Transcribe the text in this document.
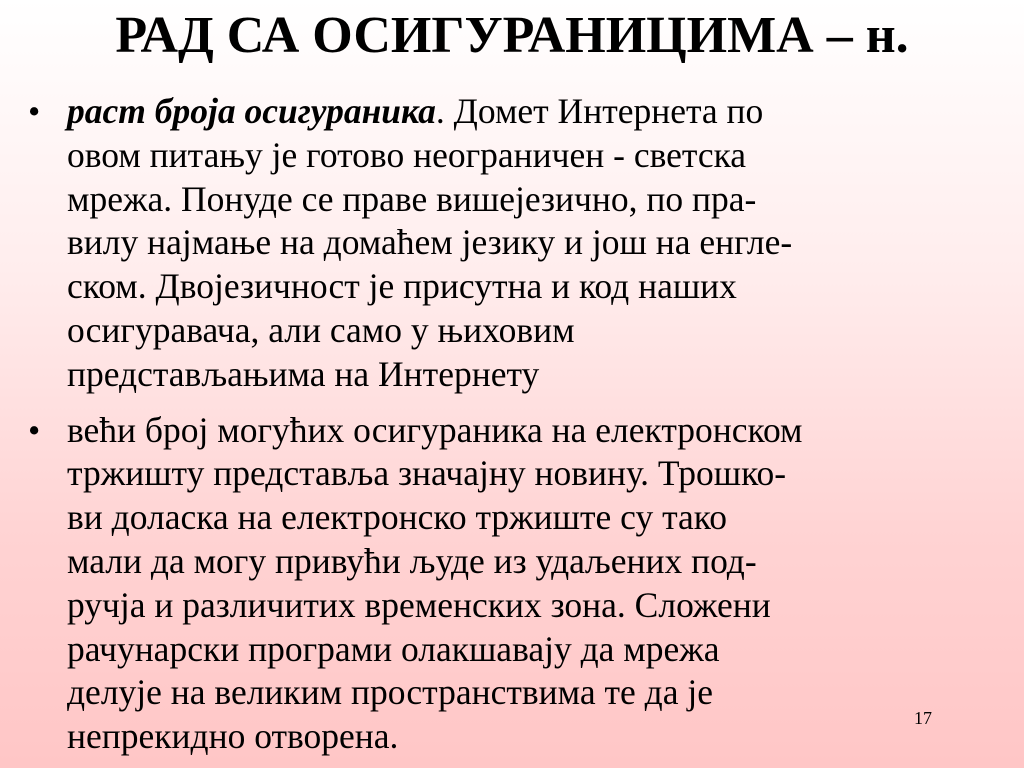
РАД СА ОСИГУРАНИЦИМА – н.
• раст броја осигураника. Домет Интернета по
овом питању је готово неограничен - светска
мрежа. Понуде се праве вишејезично, по пра-
вилу најмање на домаћем језику и још на енгле-
ском. Двојезичност је присутна и код наших
осигуравача, али само у њиховим
представљањима на Интернету
• већи број могућих осигураника на електронском
тржишту представља значајну новину. Трошко-
ви доласка на електронско тржиште су тако
мали да могу привући људе из удаљених под-
ручја и различитих временских зона. Сложени
рачунарски програми олакшавају да мрежа
делује на великим пространствима те да је
непрекидно отворена.	17
